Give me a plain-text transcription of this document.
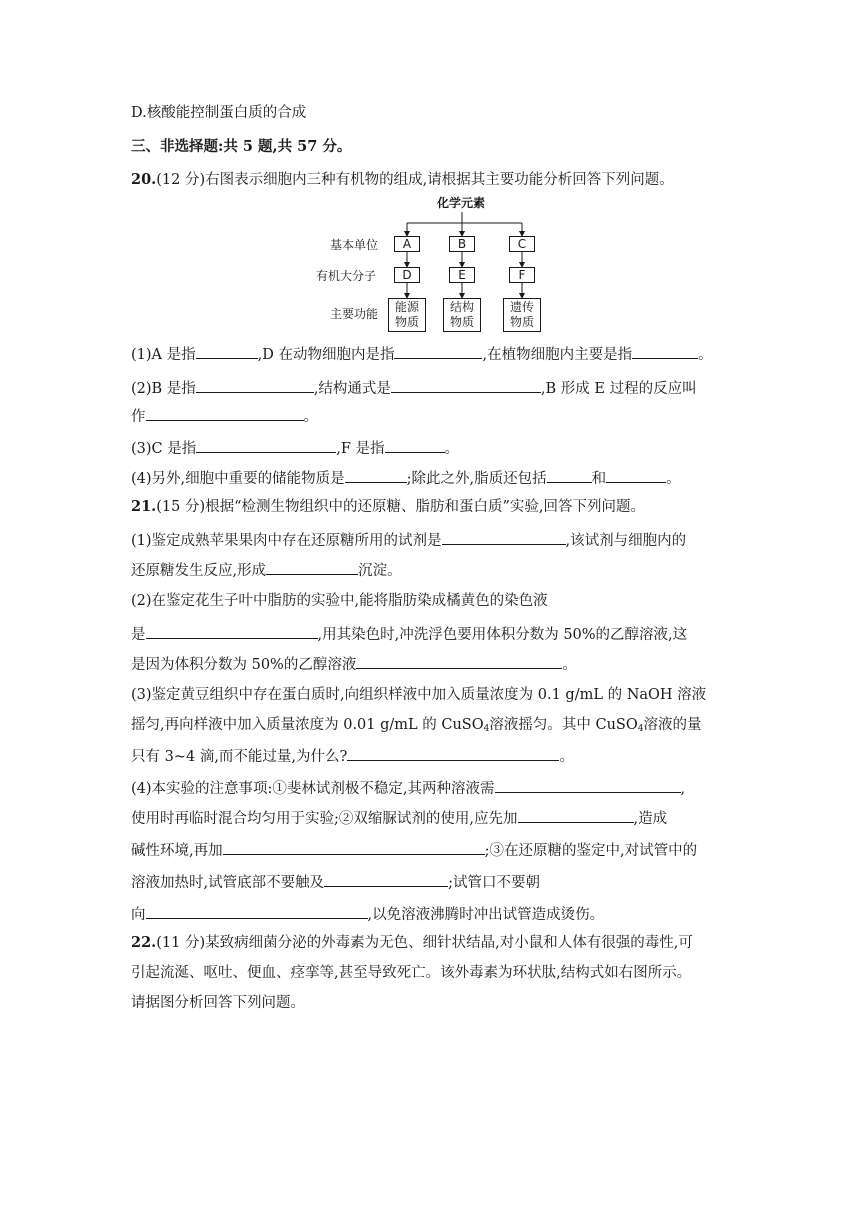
D.核酸能控制蛋白质的合成
三、非选择题:共 5 题,共 57 分。
20.(12 分)右图表示细胞内三种有机物的组成,请根据其主要功能分析回答下列问题。
化学元素
基本单位
有机大分子
主要功能
A	B	C
D	E	F
能源
物质
结构
物质
遗传
物质
(1)A 是指	,D 在动物细胞内是指	,在植物细胞内主要是指	。
(2)B 是指	,结构通式是	,B 形成 E 过程的反应叫
作	。
(3)C 是指	,F 是指	。
(4)另外,细胞中重要的储能物质是	;除此之外,脂质还包括	和	。
21.(15 分)根据“检测生物组织中的还原糖、脂肪和蛋白质”实验,回答下列问题。
(1)鉴定成熟苹果果肉中存在还原糖所用的试剂是	,该试剂与细胞内的
还原糖发生反应,形成	沉淀。
(2)在鉴定花生子叶中脂肪的实验中,能将脂肪染成橘黄色的染色液
是	,用其染色时,冲洗浮色要用体积分数为 50%的乙醇溶液,这
是因为体积分数为 50%的乙醇溶液	。
(3)鉴定黄豆组织中存在蛋白质时,向组织样液中加入质量浓度为 0.1 g/mL 的 NaOH 溶液
摇匀,再向样液中加入质量浓度为 0.01 g/mL 的 CuSO$_4$溶液摇匀。其中 CuSO$_4$溶液的量
只有 3~4 滴,而不能过量,为什么?	。
(4)本实验的注意事项:①斐林试剂极不稳定,其两种溶液需	,
使用时再临时混合均匀用于实验;②双缩脲试剂的使用,应先加	,造成
碱性环境,再加	;③在还原糖的鉴定中,对试管中的
溶液加热时,试管底部不要触及	;试管口不要朝
向	,以免溶液沸腾时冲出试管造成烫伤。
22.(11 分)某致病细菌分泌的外毒素为无色、细针状结晶,对小鼠和人体有很强的毒性,可
引起流涎、呕吐、便血、痉挛等,甚至导致死亡。该外毒素为环状肽,结构式如右图所示。
请据图分析回答下列问题。
